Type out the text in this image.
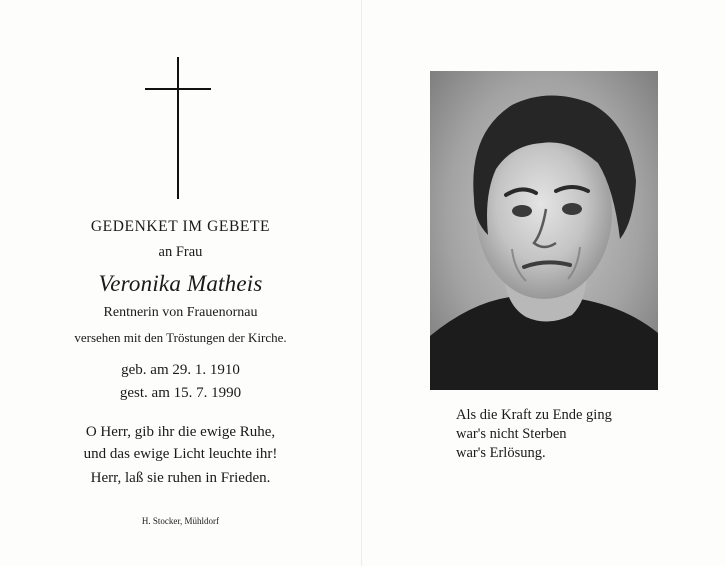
GEDENKET IM GEBETE
an Frau
Veronika Matheis
Rentnerin von Frauenornau
versehen mit den Tröstungen der Kirche.
geb. am 29. 1. 1910
gest. am 15. 7. 1990
O Herr, gib ihr die ewige Ruhe,
und das ewige Licht leuchte ihr!
Herr, laß sie ruhen in Frieden.
H. Stocker, Mühldorf
Als die Kraft zu Ende ging
war's nicht Sterben
war's Erlösung.
